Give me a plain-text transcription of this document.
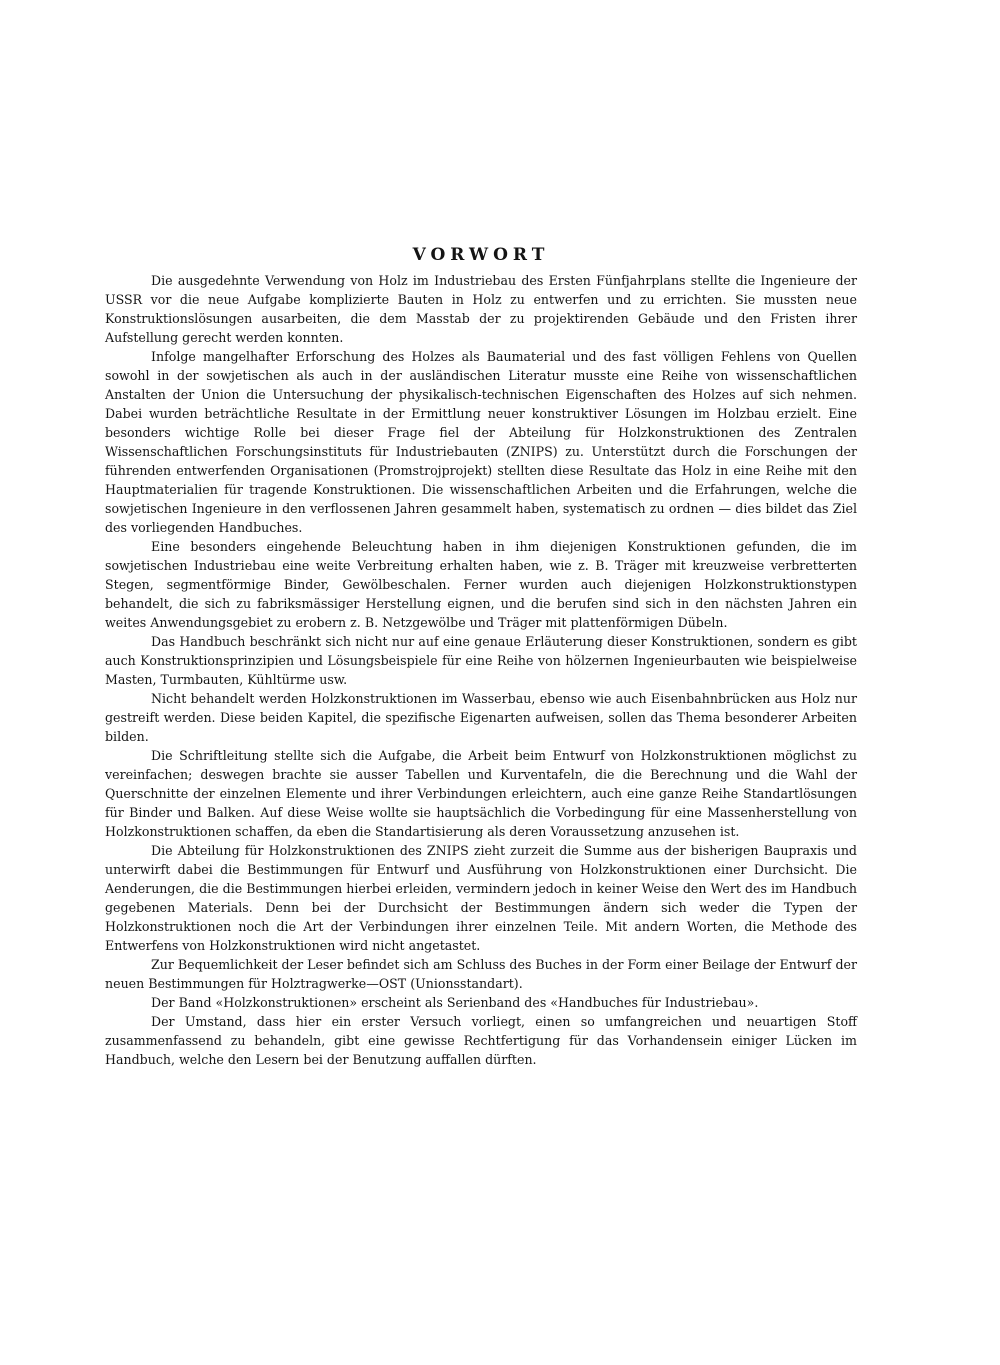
VORWORT

Die ausgedehnte Verwendung von Holz im Industriebau des Ersten Fünfjahrplans stellte die Ingenieure der USSR vor die neue Aufgabe komplizierte Bauten in Holz zu entwerfen und zu errichten. Sie mussten neue Konstruktionslösungen ausarbeiten, die dem Masstab der zu projektirenden Gebäude und den Fristen ihrer Aufstellung gerecht werden konnten.

Infolge mangelhafter Erforschung des Holzes als Baumaterial und des fast völligen Fehlens von Quellen sowohl in der sowjetischen als auch in der ausländischen Literatur musste eine Reihe von wissenschaftlichen Anstalten der Union die Untersuchung der physikalisch-technischen Eigenschaften des Holzes auf sich nehmen. Dabei wurden beträchtliche Resultate in der Ermittlung neuer konstruktiver Lösungen im Holzbau erzielt. Eine besonders wichtige Rolle bei dieser Frage fiel der Abteilung für Holzkonstruktionen des Zentralen Wissenschaftlichen Forschungsinstituts für Industriebauten (ZNIPS) zu. Unterstützt durch die Forschungen der führenden entwerfenden Organisationen (Promstrojprojekt) stellten diese Resultate das Holz in eine Reihe mit den Hauptmaterialien für tragende Konstruktionen. Die wissenschaftlichen Arbeiten und die Erfahrungen, welche die sowjetischen Ingenieure in den verflossenen Jahren gesammelt haben, systematisch zu ordnen — dies bildet das Ziel des vorliegenden Handbuches.

Eine besonders eingehende Beleuchtung haben in ihm diejenigen Konstruktionen gefunden, die im sowjetischen Industriebau eine weite Verbreitung erhalten haben, wie z. B. Träger mit kreuzweise verbretterten Stegen, segmentförmige Binder, Gewölbeschalen. Ferner wurden auch diejenigen Holzkonstruktionstypen behandelt, die sich zu fabriksmässiger Herstellung eignen, und die berufen sind sich in den nächsten Jahren ein weites Anwendungsgebiet zu erobern z. B. Netzgewölbe und Träger mit plattenförmigen Dübeln.

Das Handbuch beschränkt sich nicht nur auf eine genaue Erläuterung dieser Konstruktionen, sondern es gibt auch Konstruktionsprinzipien und Lösungsbeispiele für eine Reihe von hölzernen Ingenieurbauten wie beispielweise Masten, Turmbauten, Kühltürme usw.

Nicht behandelt werden Holzkonstruktionen im Wasserbau, ebenso wie auch Eisenbahnbrücken aus Holz nur gestreift werden. Diese beiden Kapitel, die spezifische Eigenarten aufweisen, sollen das Thema besonderer Arbeiten bilden.

Die Schriftleitung stellte sich die Aufgabe, die Arbeit beim Entwurf von Holzkonstruktionen möglichst zu vereinfachen; deswegen brachte sie ausser Tabellen und Kurventafeln, die die Berechnung und die Wahl der Querschnitte der einzelnen Elemente und ihrer Verbindungen erleichtern, auch eine ganze Reihe Standartlösungen für Binder und Balken. Auf diese Weise wollte sie hauptsächlich die Vorbedingung für eine Massenherstellung von Holzkonstruktionen schaffen, da eben die Standartisierung als deren Voraussetzung anzusehen ist.

Die Abteilung für Holzkonstruktionen des ZNIPS zieht zurzeit die Summe aus der bisherigen Baupraxis und unterwirft dabei die Bestimmungen für Entwurf und Ausführung von Holzkonstruktionen einer Durchsicht. Die Aenderungen, die die Bestimmungen hierbei erleiden, vermindern jedoch in keiner Weise den Wert des im Handbuch gegebenen Materials. Denn bei der Durchsicht der Bestimmungen ändern sich weder die Typen der Holzkonstruktionen noch die Art der Verbindungen ihrer einzelnen Teile. Mit andern Worten, die Methode des Entwerfens von Holzkonstruktionen wird nicht angetastet.

Zur Bequemlichkeit der Leser befindet sich am Schluss des Buches in der Form einer Beilage der Entwurf der neuen Bestimmungen für Holztragwerke—OST (Unionsstandart).

Der Band «Holzkonstruktionen» erscheint als Serienband des «Handbuches für Industriebau».

Der Umstand, dass hier ein erster Versuch vorliegt, einen so umfangreichen und neuartigen Stoff zusammenfassend zu behandeln, gibt eine gewisse Rechtfertigung für das Vorhandensein einiger Lücken im Handbuch, welche den Lesern bei der Benutzung auffallen dürften.
